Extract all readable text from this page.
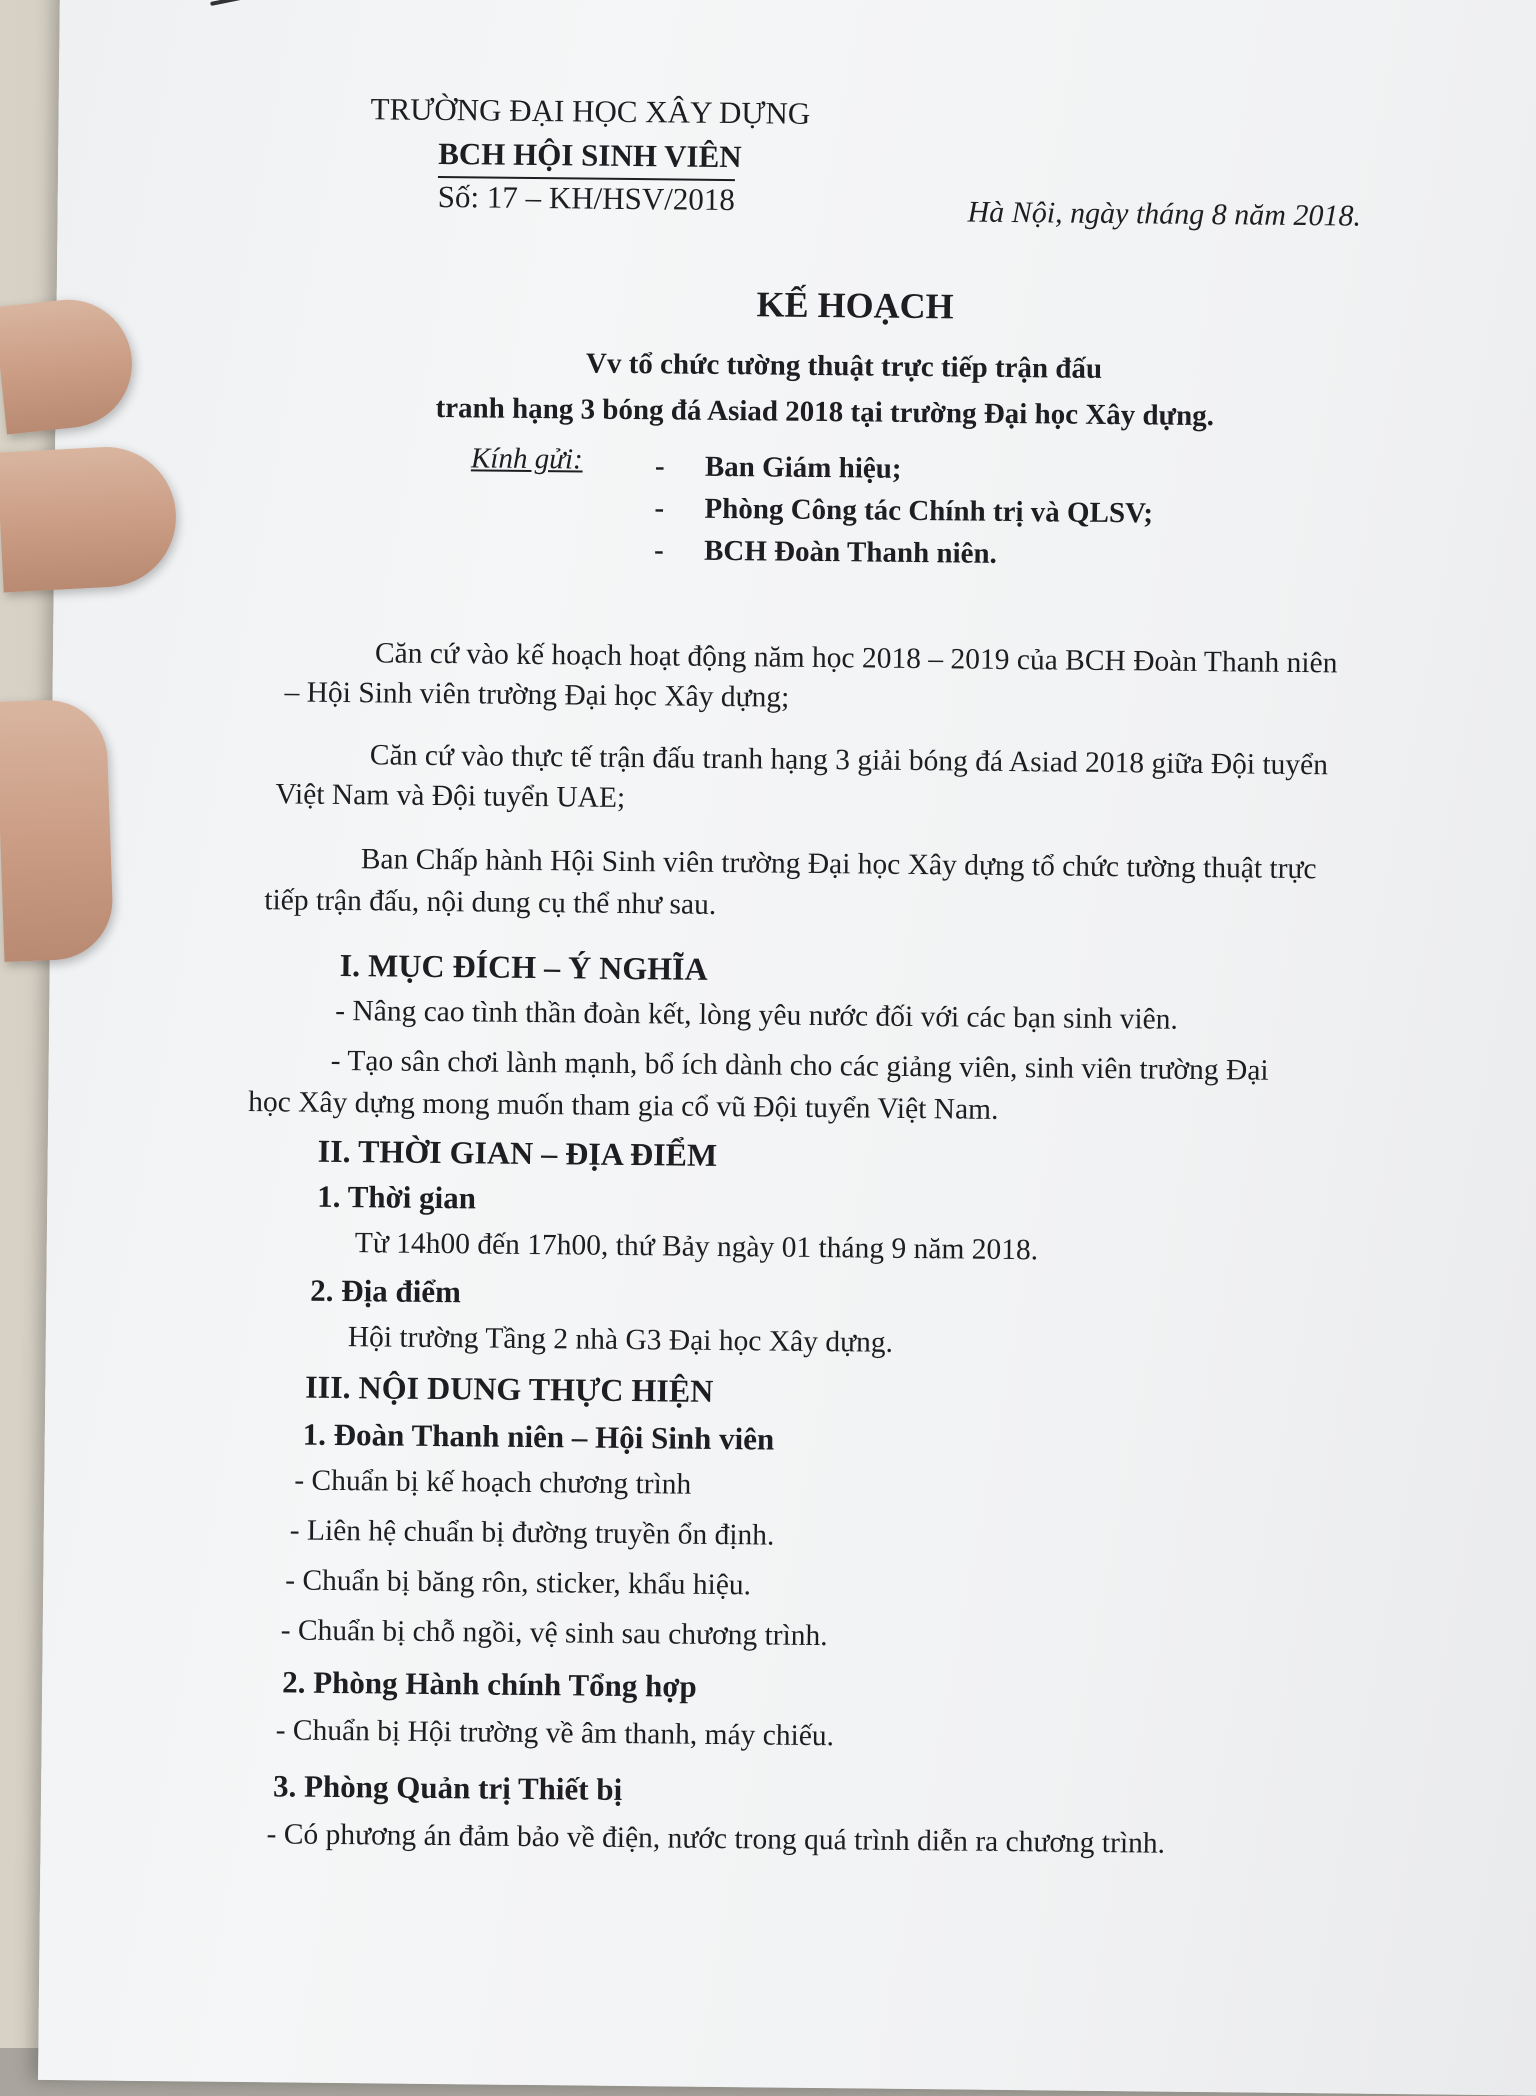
TRƯỜNG ĐẠI HỌC XÂY DỰNG
BCH HỘI SINH VIÊN
Số: 17 – KH/HSV/2018	Hà Nội, ngày tháng 8 năm 2018.
KẾ HOẠCH
Vv tổ chức tường thuật trực tiếp trận đấu
tranh hạng 3 bóng đá Asiad 2018 tại trường Đại học Xây dựng.
Kính gửi: - Ban Giám hiệu;
- Phòng Công tác Chính trị và QLSV;
- BCH Đoàn Thanh niên.
Căn cứ vào kế hoạch hoạt động năm học 2018 – 2019 của BCH Đoàn Thanh niên
– Hội Sinh viên trường Đại học Xây dựng;
Căn cứ vào thực tế trận đấu tranh hạng 3 giải bóng đá Asiad 2018 giữa Đội tuyển
Việt Nam và Đội tuyển UAE;
Ban Chấp hành Hội Sinh viên trường Đại học Xây dựng tổ chức tường thuật trực
tiếp trận đấu, nội dung cụ thể như sau.
I. MỤC ĐÍCH – Ý NGHĨA
- Nâng cao tình thần đoàn kết, lòng yêu nước đối với các bạn sinh viên.
- Tạo sân chơi lành mạnh, bổ ích dành cho các giảng viên, sinh viên trường Đại
học Xây dựng mong muốn tham gia cổ vũ Đội tuyển Việt Nam.
II. THỜI GIAN – ĐỊA ĐIỂM
1. Thời gian
Từ 14h00 đến 17h00, thứ Bảy ngày 01 tháng 9 năm 2018.
2. Địa điểm
Hội trường Tầng 2 nhà G3 Đại học Xây dựng.
III. NỘI DUNG THỰC HIỆN
1. Đoàn Thanh niên – Hội Sinh viên
- Chuẩn bị kế hoạch chương trình
- Liên hệ chuẩn bị đường truyền ổn định.
- Chuẩn bị băng rôn, sticker, khẩu hiệu.
- Chuẩn bị chỗ ngồi, vệ sinh sau chương trình.
2. Phòng Hành chính Tổng hợp
- Chuẩn bị Hội trường về âm thanh, máy chiếu.
3. Phòng Quản trị Thiết bị
- Có phương án đảm bảo về điện, nước trong quá trình diễn ra chương trình.
